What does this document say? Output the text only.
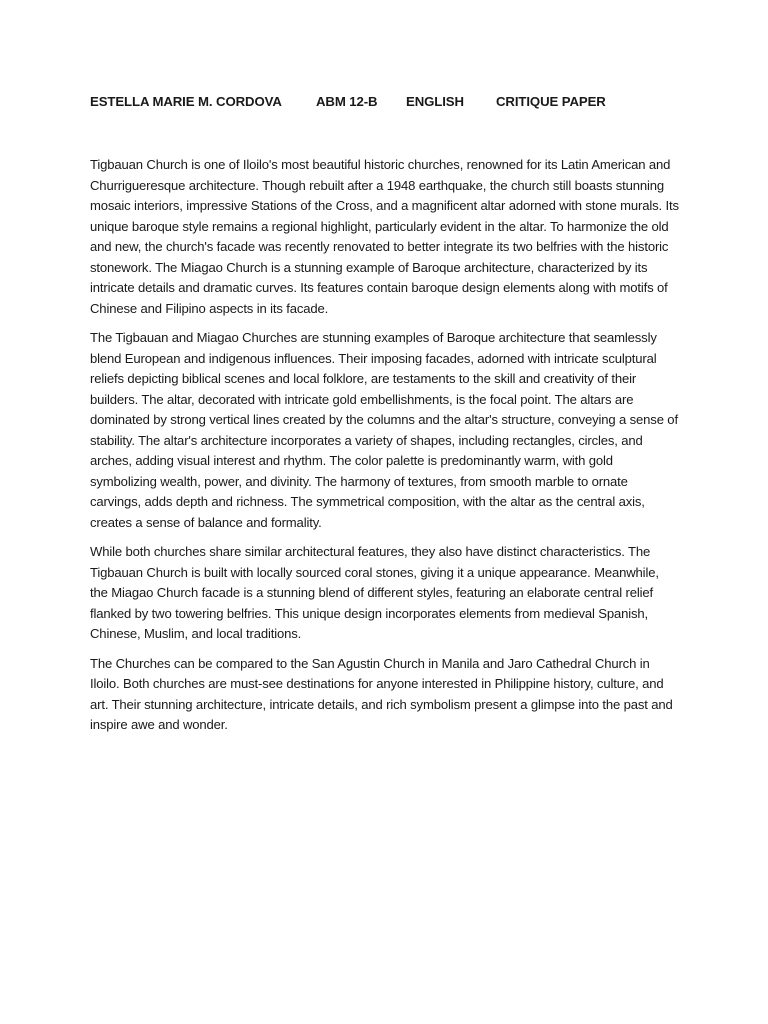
ESTELLA MARIE M. CORDOVA	ABM 12-B ENGLISH CRITIQUE PAPER

Tigbauan Church is one of Iloilo's most beautiful historic churches, renowned for its Latin American and Churrigueresque architecture. Though rebuilt after a 1948 earthquake, the church still boasts stunning mosaic interiors, impressive Stations of the Cross, and a magnificent altar adorned with stone murals. Its unique baroque style remains a regional highlight, particularly evident in the altar. To harmonize the old and new, the church's facade was recently renovated to better integrate its two belfries with the historic stonework. The Miagao Church is a stunning example of Baroque architecture, characterized by its intricate details and dramatic curves. Its features contain baroque design elements along with motifs of Chinese and Filipino aspects in its facade.

The Tigbauan and Miagao Churches are stunning examples of Baroque architecture that seamlessly blend European and indigenous influences. Their imposing facades, adorned with intricate sculptural reliefs depicting biblical scenes and local folklore, are testaments to the skill and creativity of their builders. The altar, decorated with intricate gold embellishments, is the focal point. The altars are dominated by strong vertical lines created by the columns and the altar's structure, conveying a sense of stability. The altar's architecture incorporates a variety of shapes, including rectangles, circles, and arches, adding visual interest and rhythm. The color palette is predominantly warm, with gold symbolizing wealth, power, and divinity. The harmony of textures, from smooth marble to ornate carvings, adds depth and richness. The symmetrical composition, with the altar as the central axis, creates a sense of balance and formality.

While both churches share similar architectural features, they also have distinct characteristics. The Tigbauan Church is built with locally sourced coral stones, giving it a unique appearance. Meanwhile, the Miagao Church facade is a stunning blend of different styles, featuring an elaborate central relief flanked by two towering belfries. This unique design incorporates elements from medieval Spanish, Chinese, Muslim, and local traditions.

The Churches can be compared to the San Agustin Church in Manila and Jaro Cathedral Church in Iloilo. Both churches are must-see destinations for anyone interested in Philippine history, culture, and art. Their stunning architecture, intricate details, and rich symbolism present a glimpse into the past and inspire awe and wonder.
